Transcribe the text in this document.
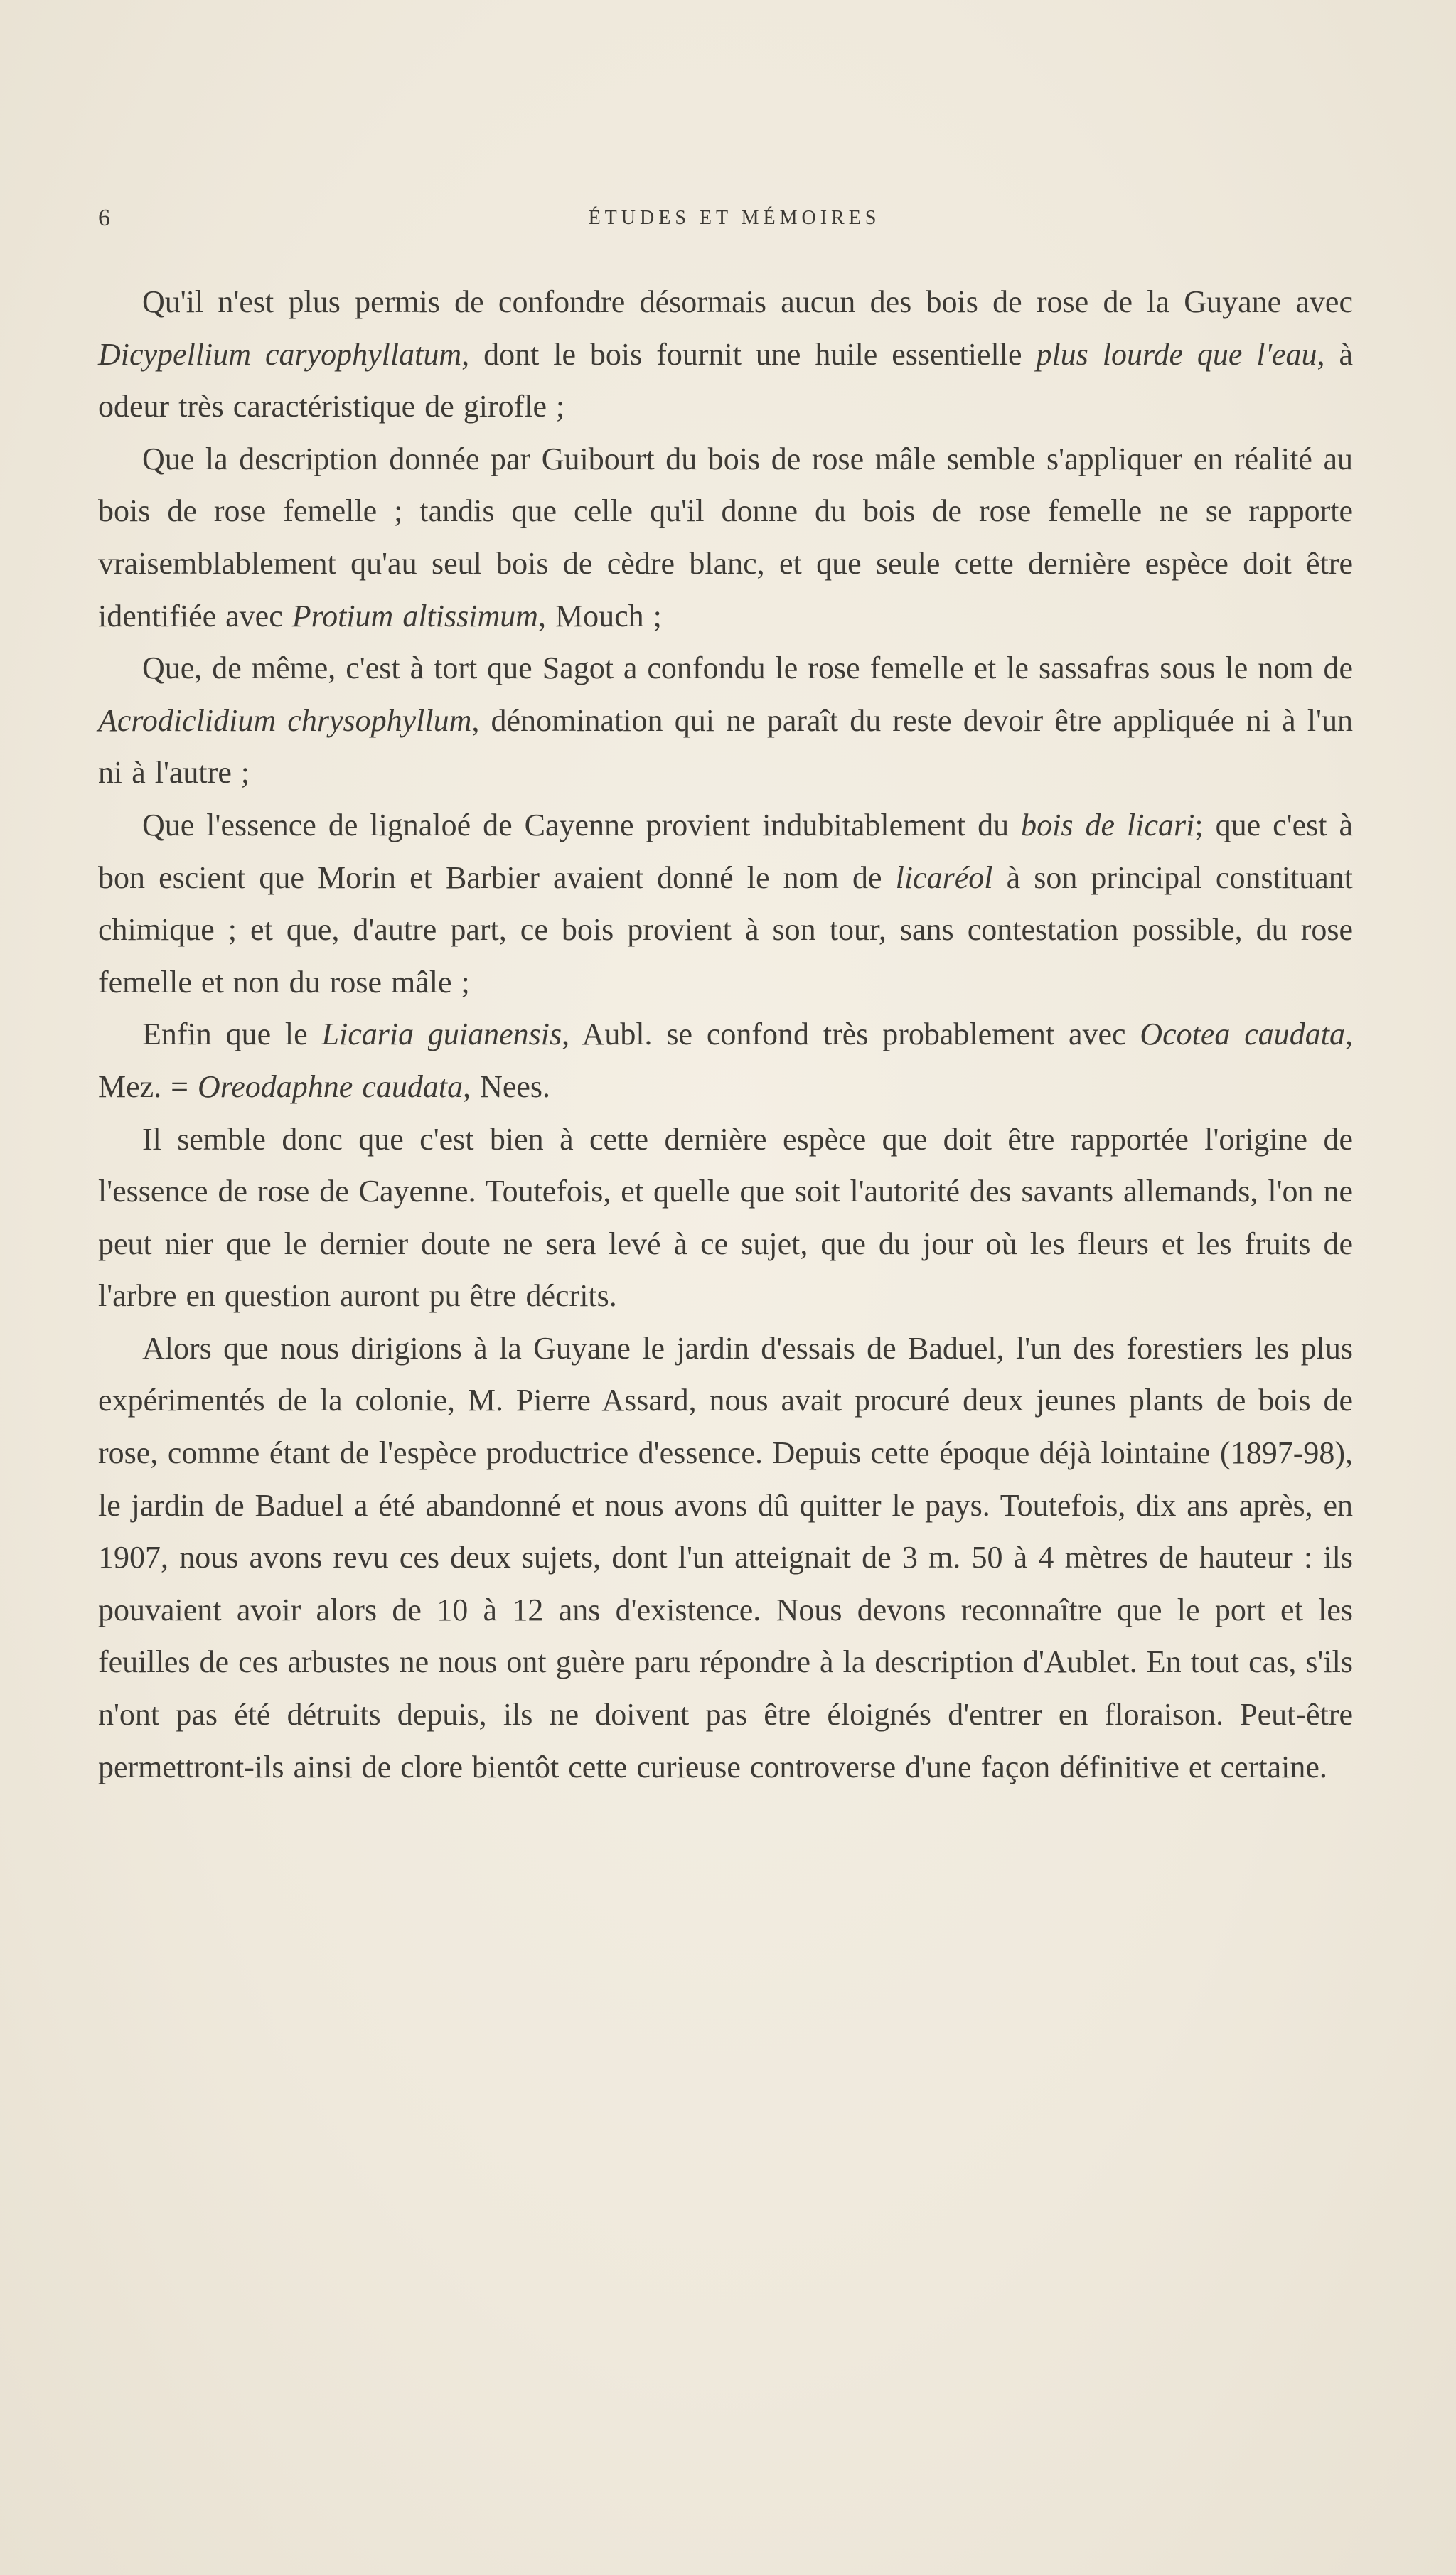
6	ÉTUDES ET MÉMOIRES

Qu'il n'est plus permis de confondre désormais aucun des bois de rose de la Guyane avec Dicypellium caryophyllatum, dont le bois fournit une huile essentielle plus lourde que l'eau, à odeur très caractéristique de girofle ;

Que la description donnée par Guibourt du bois de rose mâle semble s'appliquer en réalité au bois de rose femelle ; tandis que celle qu'il donne du bois de rose femelle ne se rapporte vraisemblablement qu'au seul bois de cèdre blanc, et que seule cette dernière espèce doit être identifiée avec Protium altissimum, Mouch ;

Que, de même, c'est à tort que Sagot a confondu le rose femelle et le sassafras sous le nom de Acrodiclidium chrysophyllum, dénomination qui ne paraît du reste devoir être appliquée ni à l'un ni à l'autre ;

Que l'essence de lignaloé de Cayenne provient indubitablement du bois de licari; que c'est à bon escient que Morin et Barbier avaient donné le nom de licaréol à son principal constituant chimique ; et que, d'autre part, ce bois provient à son tour, sans contestation possible, du rose femelle et non du rose mâle ;

Enfin que le Licaria guianensis, Aubl. se confond très probablement avec Ocotea caudata, Mez. = Oreodaphne caudata, Nees.

Il semble donc que c'est bien à cette dernière espèce que doit être rapportée l'origine de l'essence de rose de Cayenne. Toutefois, et quelle que soit l'autorité des savants allemands, l'on ne peut nier que le dernier doute ne sera levé à ce sujet, que du jour où les fleurs et les fruits de l'arbre en question auront pu être décrits.

Alors que nous dirigions à la Guyane le jardin d'essais de Baduel, l'un des forestiers les plus expérimentés de la colonie, M. Pierre Assard, nous avait procuré deux jeunes plants de bois de rose, comme étant de l'espèce productrice d'essence. Depuis cette époque déjà lointaine (1897-98), le jardin de Baduel a été abandonné et nous avons dû quitter le pays. Toutefois, dix ans après, en 1907, nous avons revu ces deux sujets, dont l'un atteignait de 3 m. 50 à 4 mètres de hauteur : ils pouvaient avoir alors de 10 à 12 ans d'existence. Nous devons reconnaître que le port et les feuilles de ces arbustes ne nous ont guère paru répondre à la description d'Aublet. En tout cas, s'ils n'ont pas été détruits depuis, ils ne doivent pas être éloignés d'entrer en floraison. Peut-être permettront-ils ainsi de clore bientôt cette curieuse controverse d'une façon définitive et certaine.
